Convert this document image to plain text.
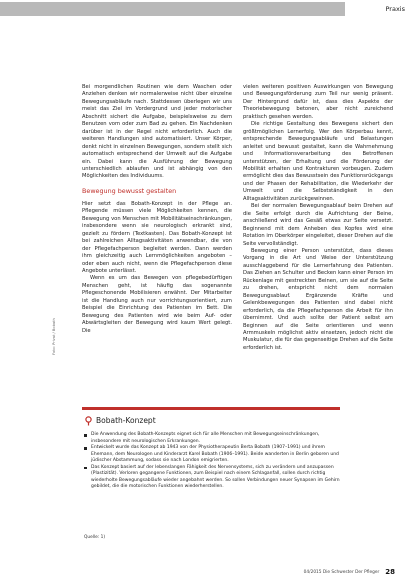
Praxis

Bei morgendlichen Routinen wie dem Waschen oder Anziehen denken wir normalerweise nicht über einzelne Bewegungsabläufe nach. Stattdessen überlegen wir uns meist das Ziel im Vordergrund und jeder motorischer Abschnitt sichert die Aufgabe, beispielsweise zu dem Benutzen vom oder zum Bad zu gehen. Ein Nachdenken darüber ist in der Regel nicht erforderlich. Auch die weiteren Handlungen sind automatisiert. Unser Körper, denkt nicht in einzelnen Bewegungen, sondern stellt sich automatisch entsprechend der Umwelt auf die Aufgabe ein. Dabei kann die Ausführung der Bewegung unterschiedlich ablaufen und ist abhängig von den Möglichkeiten des Individuums.

Bewegung bewusst gestalten

Hier setzt das Bobath-Konzept in der Pflege an. Pflegende müssen viele Möglichkeiten kennen, die Bewegung von Menschen mit Mobilitätseinschränkungen, insbesondere wenn sie neurologisch erkrankt sind, gezielt zu fördern (Textkasten). Das Bobath-Konzept ist bei zahlreichen Alltagsaktivitäten anwendbar, die von der Pflegefachperson begleitet werden. Dann werden ihm gleichzeitig auch Lernmöglichkeiten angeboten – oder eben auch nicht, wenn die Pflegefachperson diese Angebote unterlässt.

Wenn es um das Bewegen von pflegebedürftigen Menschen geht, ist häufig das sogenannte Pflegeschonende Mobilisieren erwähnt. Der Mitarbeiter ist die Handlung auch nur vorrichtungsorientiert, zum Beispiel die Einrichtung des Patienten im Bett. Die Bewegung des Patienten wird wie beim Auf- oder Abwärtsgleiten der Bewegung wird kaum Wert gelegt. Die

Foto: Privat / Bobath

vielen weiteren positiven Auswirkungen von Bewegung und Bewegungsförderung zum Teil nur wenig präsent. Der Hintergrund dafür ist, dass dies Aspekte der Theoriebewegung betonen, aber nicht zureichend praktisch gesehen werden.

Die richtige Gestaltung des Bewegens sichert den größtmöglichen Lernerfolg. Wer den Körperbau kennt, entsprechende Bewegungsabläufe und Belastungen anleitet und bewusst gestaltet, kann die Wahrnehmung und Informationsverarbeitung des Betroffenen unterstützen, der Erhaltung und die Förderung der Mobilität erhalten und Kontrakturen vorbeugen. Zudem ermöglicht dies das Bewusstsein des Funktionsrückgangs und der Phasen der Rehabilitation, die Wiederkehr der Umwelt und die Selbstständigkeit in den Alltagsaktivitäten zurückgewinnen.

Bei der normalen Bewegungsablauf beim Drehen auf die Seite erfolgt durch die Aufrichtung der Beine, anschließend wird das Gesäß etwas zur Seite versetzt. Beginnend mit dem Anheben des Kopfes wird eine Rotation im Oberkörper eingeleitet, dieser Drehen auf die Seite vervollständigt.

Bewegung einer Person unterstützt, dass dieses Vorgang in die Art und Weise der Unterstützung ausschlaggebend für die Lernerfahrung des Patienten. Das Ziehen an Schulter und Becken kann einer Person im Rückenlage mit gestreckten Beinen, um sie auf die Seite zu drehen, entspricht nicht dem normalen Bewegungsablauf. Ergänzende Kräfte und Gelenkbewegungen des Patienten sind dabei nicht erforderlich, da die Pflegefachperson die Arbeit für ihn übernimmt. Und auch sollte der Patient selbst am Beginnen auf die Seite orientieren und wenn Armmuskeln möglichst aktiv einsetzen, jedoch nicht die Muskulatur, die für das gegenseitige Drehen auf die Seite erforderlich ist.

Bobath-Konzept
Die Anwendung des Bobath-Konzepts eignet sich für alle Menschen mit Bewegungseinschränkungen, insbesondere mit neurologischen Erkrankungen.
Entwickelt wurde das Konzept ab 1943 von der Physiotherapeutin Berta Bobath (1907–1991) und ihrem Ehemann, dem Neurologen und Kinderarzt Karel Bobath (1906–1991). Beide wanderten in Berlin geboren und jüdischer Abstammung, sodass sie nach London emigrierten.
Das Konzept basiert auf der lebenslangen Fähigkeit des Nervensystems, sich zu verändern und anzupassen (Plastizität). Verloren gegangene Funktionen, zum Beispiel nach einem Schlaganfall, sollen durch richtig wiederholte Bewegungsabläufe wieder angebahnt werden. So sollen Verbindungen neuer Synapsen im Gehirn gebildet, die die motorischen Funktionen wiederherstellen.
Quelle: 1)
04/2015 Die Schwester Der Pfleger 28
